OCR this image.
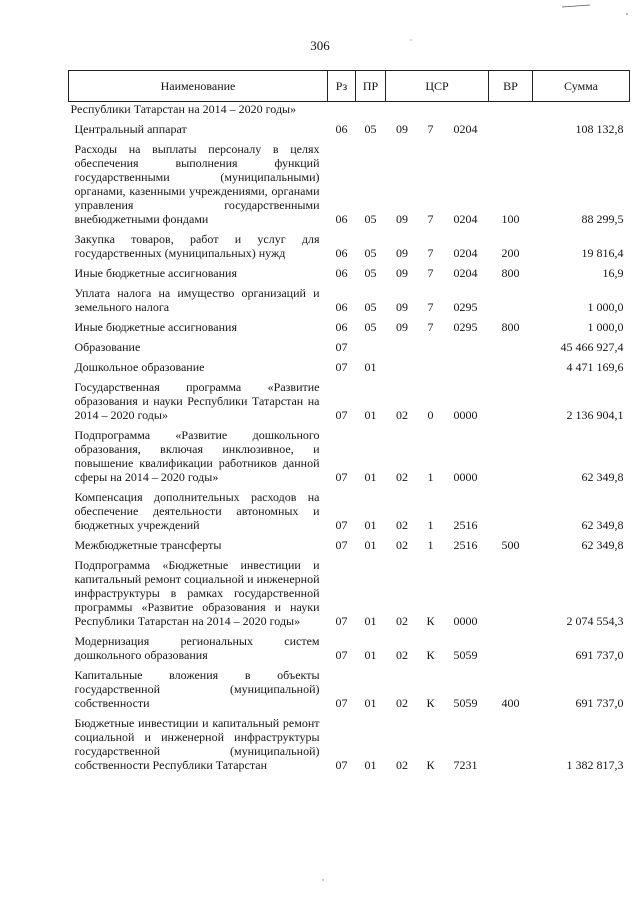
306
Наименование	Рз	ПР	ЦСР			ВР	Сумма
Республики Татарстан на 2014 – 2020 годы»							

Центральный аппарат	06	05	09	7	0204		108 132,8

Расходы на выплаты персоналу в целях обеспечения выполнения функций государственными (муниципальными) органами, казенными учреждениями, органами управления государственными внебюджетными фондами	06	05	09	7	0204	100	88 299,5

Закупка товаров, работ и услуг для государственных (муниципальных) нужд	06	05	09	7	0204	200	19 816,4

Иные бюджетные ассигнования	06	05	09	7	0204	800	16,9

Уплата налога на имущество организаций и земельного налога	06	05	09	7	0295		1 000,0

Иные бюджетные ассигнования	06	05	09	7	0295	800	1 000,0

Образование	07						45 466 927,4

Дошкольное образование	07	01					4 471 169,6

Государственная программа «Развитие образования и науки Республики Татарстан на 2014 – 2020 годы»	07	01	02	0	0000		2 136 904,1

Подпрограмма «Развитие дошкольного образования, включая инклюзивное, и повышение квалификации работников данной сферы на 2014 – 2020 годы»	07	01	02	1	0000		62 349,8

Компенсация дополнительных расходов на обеспечение деятельности автономных и бюджетных учреждений	07	01	02	1	2516		62 349,8

Межбюджетные трансферты	07	01	02	1	2516	500	62 349,8

Подпрограмма «Бюджетные инвестиции и капитальный ремонт социальной и инженерной инфраструктуры в рамках государственной программы «Развитие образования и науки Республики Татарстан на 2014 – 2020 годы»	07	01	02	К	0000		2 074 554,3

Модернизация региональных систем дошкольного образования	07	01	02	К	5059		691 737,0

Капитальные вложения в объекты государственной (муниципальной) собственности	07	01	02	К	5059	400	691 737,0

Бюджетные инвестиции и капитальный ремонт социальной и инженерной инфраструктуры государственной (муниципальной) собственности Республики Татарстан	07	01	02	К	7231		1 382 817,3
